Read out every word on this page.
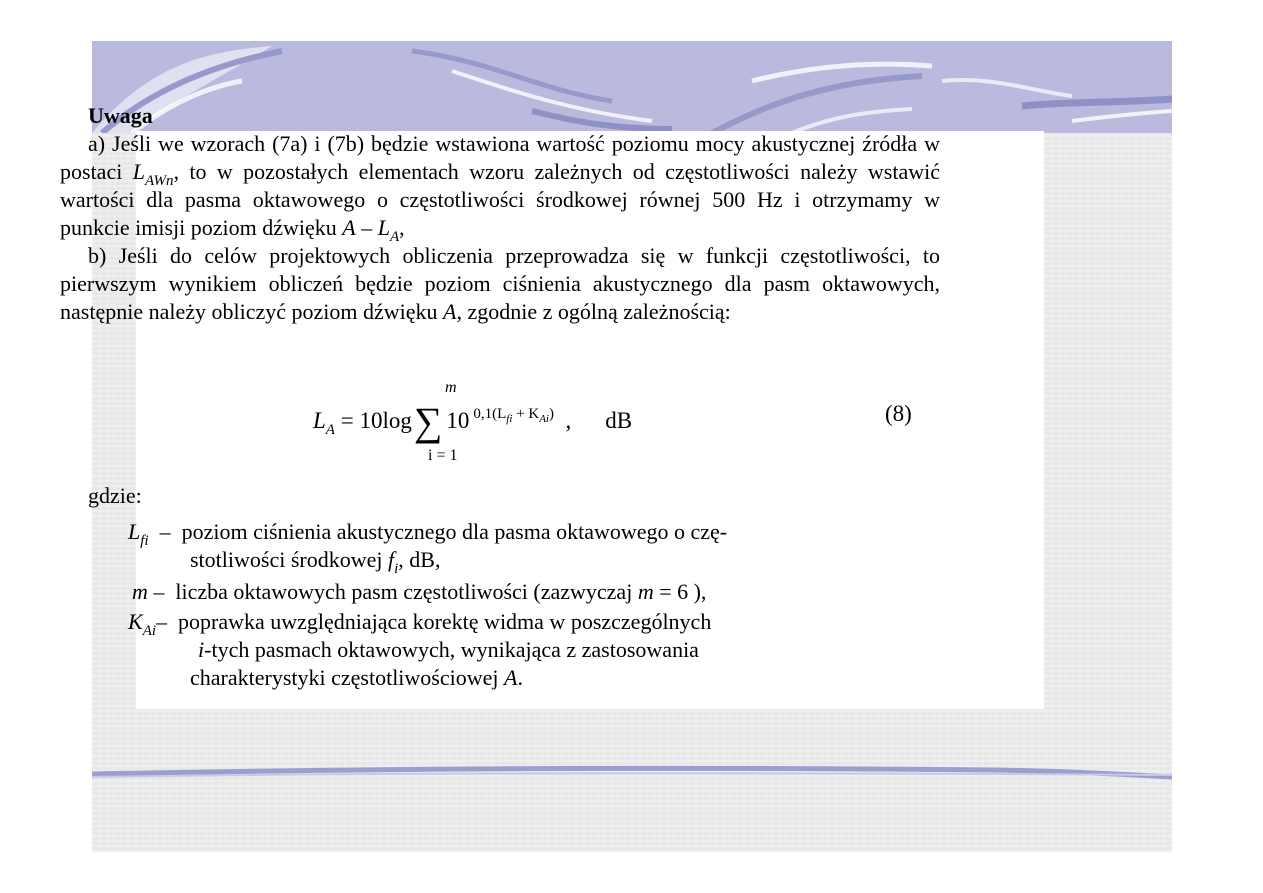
Uwaga

a) Jeśli we wzorach (7a) i (7b) będzie wstawiona wartość poziomu mocy akustycznej źródła w postaci $L_{AWn}$, to w pozostałych elementach wzoru zależnych od częstotliwości należy wstawić wartości dla pasma oktawowego o częstotliwości środkowej równej 500 Hz i otrzymamy w punkcie imisji poziom dźwięku A – $L_A$,

b) Jeśli do celów projektowych obliczenia przeprowadza się w funkcji częstotliwości, to pierwszym wynikiem obliczeń będzie poziom ciśnienia akustycznego dla pasm oktawowych, następnie należy obliczyć poziom dźwięku A, zgodnie z ogólną zależnością:

m
$L_A = 10\log\sum$ 10 $^{0,1(L_{fi} + K_{Ai})}$ , dB
i = 1
(8)

gdzie:

$L_{fi}$ – poziom ciśnienia akustycznego dla pasma oktawowego o czę-
stotliwości środkowej $f_i$, dB,
m – liczba oktawowych pasm częstotliwości (zazwyczaj m = 6 ),
$K_{Ai}-$ poprawka uwzględniająca korektę widma w poszczególnych
i-tych pasmach oktawowych, wynikająca z zastosowania
charakterystyki częstotliwościowej A.
